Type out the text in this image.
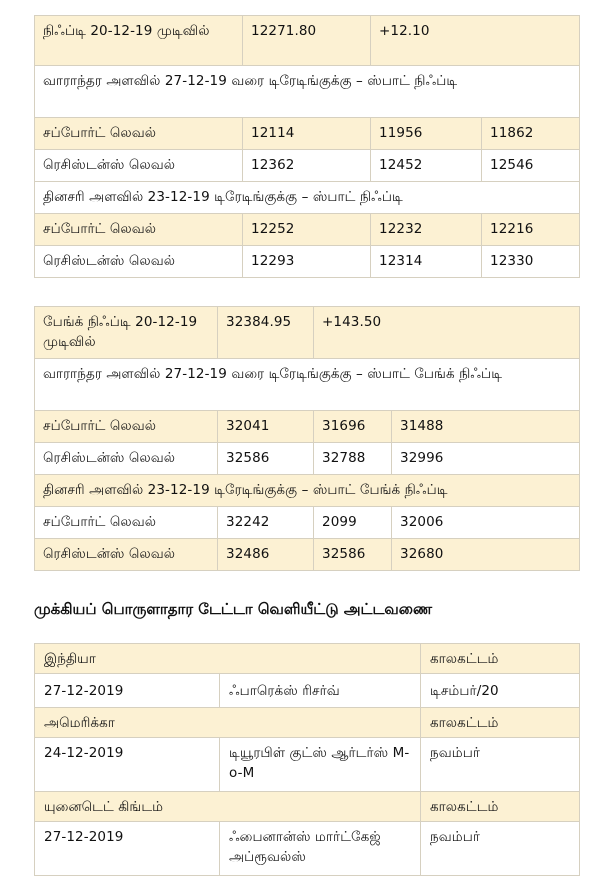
நிஃப்டி 20-12-19 முடிவில்	12271.80	+12.10	
வாராந்தர அளவில் 27-12-19 வரை டிரேடிங்குக்கு – ஸ்பாட் நிஃப்டி			
சப்போர்ட் லெவல்	12114	11956	11862
ரெசிஸ்டன்ஸ் லெவல்	12362	12452	12546
தினசரி அளவில் 23-12-19 டிரேடிங்குக்கு – ஸ்பாட் நிஃப்டி			
சப்போர்ட் லெவல்	12252	12232	12216
ரெசிஸ்டன்ஸ் லெவல்	12293	12314	12330
பேங்க் நிஃப்டி 20-12-19 முடிவில்	32384.95	+143.50	
வாராந்தர அளவில் 27-12-19 வரை டிரேடிங்குக்கு – ஸ்பாட் பேங்க் நிஃப்டி			
சப்போர்ட் லெவல்	32041	31696	31488
ரெசிஸ்டன்ஸ் லெவல்	32586	32788	32996
தினசரி அளவில் 23-12-19 டிரேடிங்குக்கு – ஸ்பாட் பேங்க் நிஃப்டி			
சப்போர்ட் லெவல்	32242	2099	32006
ரெசிஸ்டன்ஸ் லெவல்	32486	32586	32680
முக்கியப் பொருளாதார டேட்டா வெளியீட்டு அட்டவணை
இந்தியா		காலகட்டம்
27-12-2019	ஃபாரெக்ஸ் ரிசர்வ்	டிசம்பர்/20
அமெரிக்கா		காலகட்டம்
24-12-2019	டியூரபிள் குட்ஸ் ஆர்டர்ஸ் M-o-M	நவம்பர்
யுனைடெட் கிங்டம்		காலகட்டம்
27-12-2019	ஃபைனான்ஸ் மார்ட்கேஜ் அப்ரூவல்ஸ்	நவம்பர்
